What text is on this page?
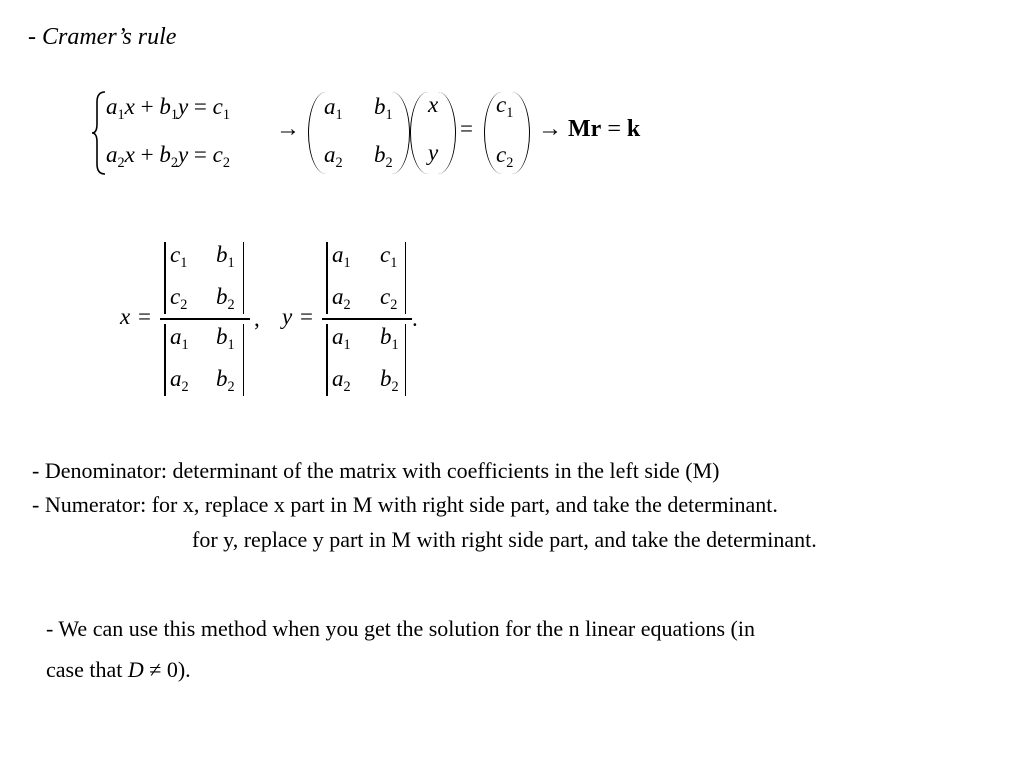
- Cramer’s rule
$a_1x + b_1y = c_1$
$a_2x + b_2y = c_2$
→
$a_1$ $b_1$
$a_2$ $b_2$
x
y
=
$c_1$
$c_2$
→ Mr = k
x =
$c_1$ $b_1$
$c_2$ $b_2$
$a_1$ $b_1$
$a_2$ $b_2$
, y =
$a_1$ $c_1$
$a_2$ $c_2$
$a_1$ $b_1$
$a_2$ $b_2$
.
- Denominator: determinant of the matrix with coefficients in the left side (M)
- Numerator: for x, replace x part in M with right side part, and take the determinant.
for y, replace y part in M with right side part, and take the determinant.
- We can use this method when you get the solution for the n linear equations (in
case that D ≠ 0).
